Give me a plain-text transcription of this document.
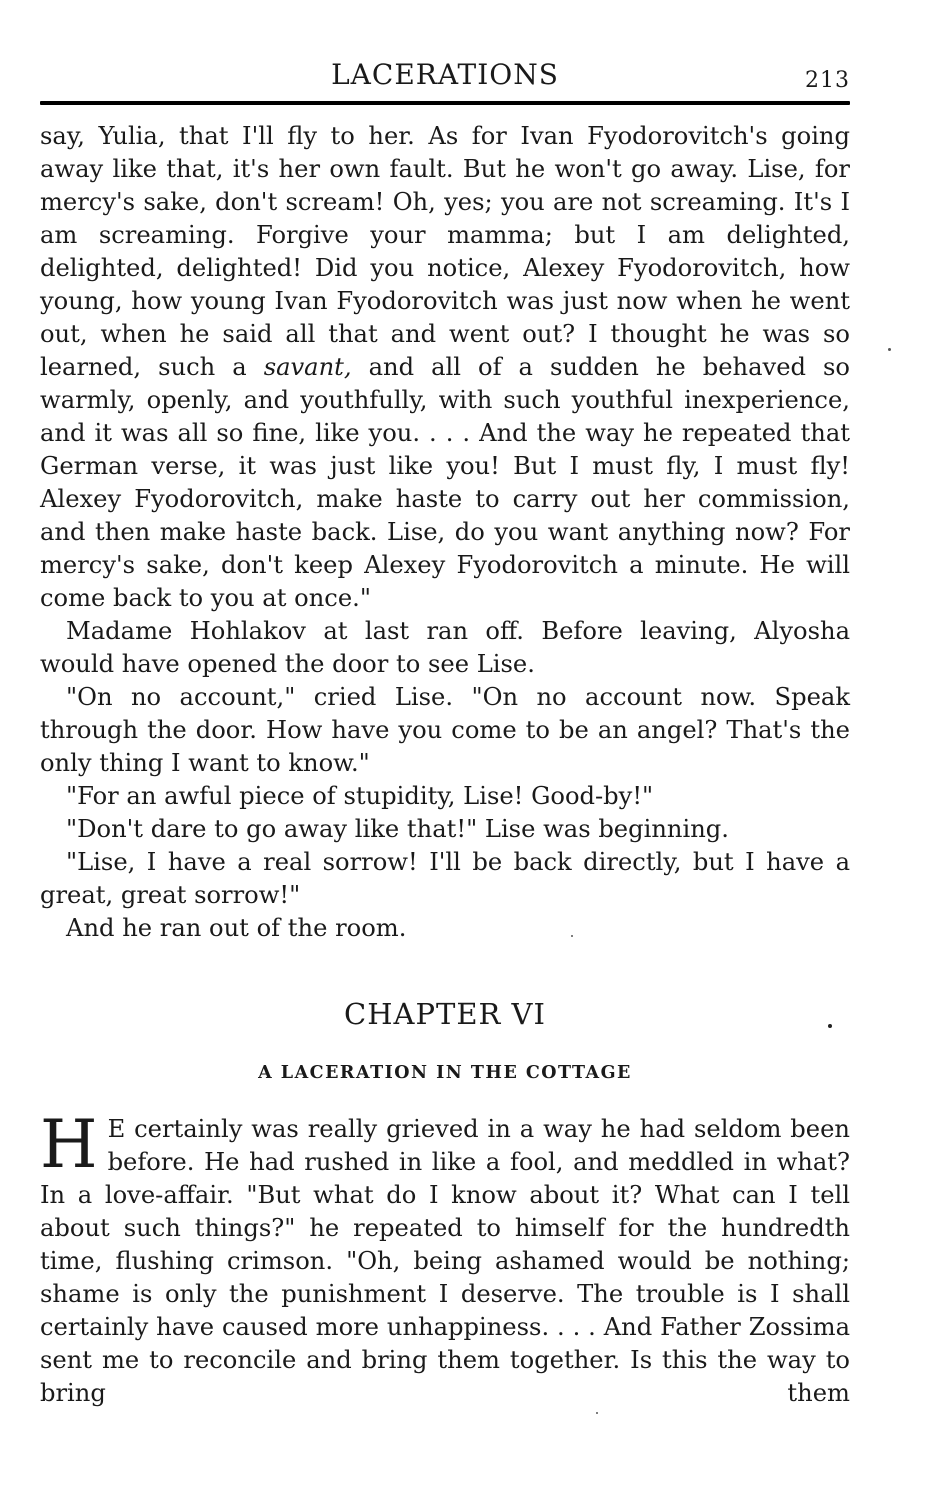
LACERATIONS	213

say, Yulia, that I'll fly to her. As for Ivan Fyodorovitch's going away like that, it's her own fault. But he won't go away. Lise, for mercy's sake, don't scream! Oh, yes; you are not screaming. It's I am screaming. Forgive your mamma; but I am delighted, delighted, delighted! Did you notice, Alexey Fyodorovitch, how young, how young Ivan Fyodorovitch was just now when he went out, when he said all that and went out? I thought he was so learned, such a savant, and all of a sudden he behaved so warmly, openly, and youthfully, with such youthful inexperience, and it was all so fine, like you. . . . And the way he repeated that German verse, it was just like you! But I must fly, I must fly! Alexey Fyodorovitch, make haste to carry out her commission, and then make haste back. Lise, do you want anything now? For mercy's sake, don't keep Alexey Fyodorovitch a minute. He will come back to you at once."

Madame Hohlakov at last ran off. Before leaving, Alyosha would have opened the door to see Lise.

"On no account," cried Lise. "On no account now. Speak through the door. How have you come to be an angel? That's the only thing I want to know."

"For an awful piece of stupidity, Lise! Good-by!"

"Don't dare to go away like that!" Lise was beginning.

"Lise, I have a real sorrow! I'll be back directly, but I have a great, great sorrow!"

And he ran out of the room.

CHAPTER VI
A LACERATION IN THE COTTAGE

H E certainly was really grieved in a way he had seldom been before. He had rushed in like a fool, and meddled in what? In a love-affair. "But what do I know about it? What can I tell about such things?" he repeated to himself for the hundredth time, flushing crimson. "Oh, being ashamed would be nothing; shame is only the punishment I deserve. The trouble is I shall certainly have caused more unhappiness. . . . And Father Zossima sent me to reconcile and bring them together. Is this the way to bring them
